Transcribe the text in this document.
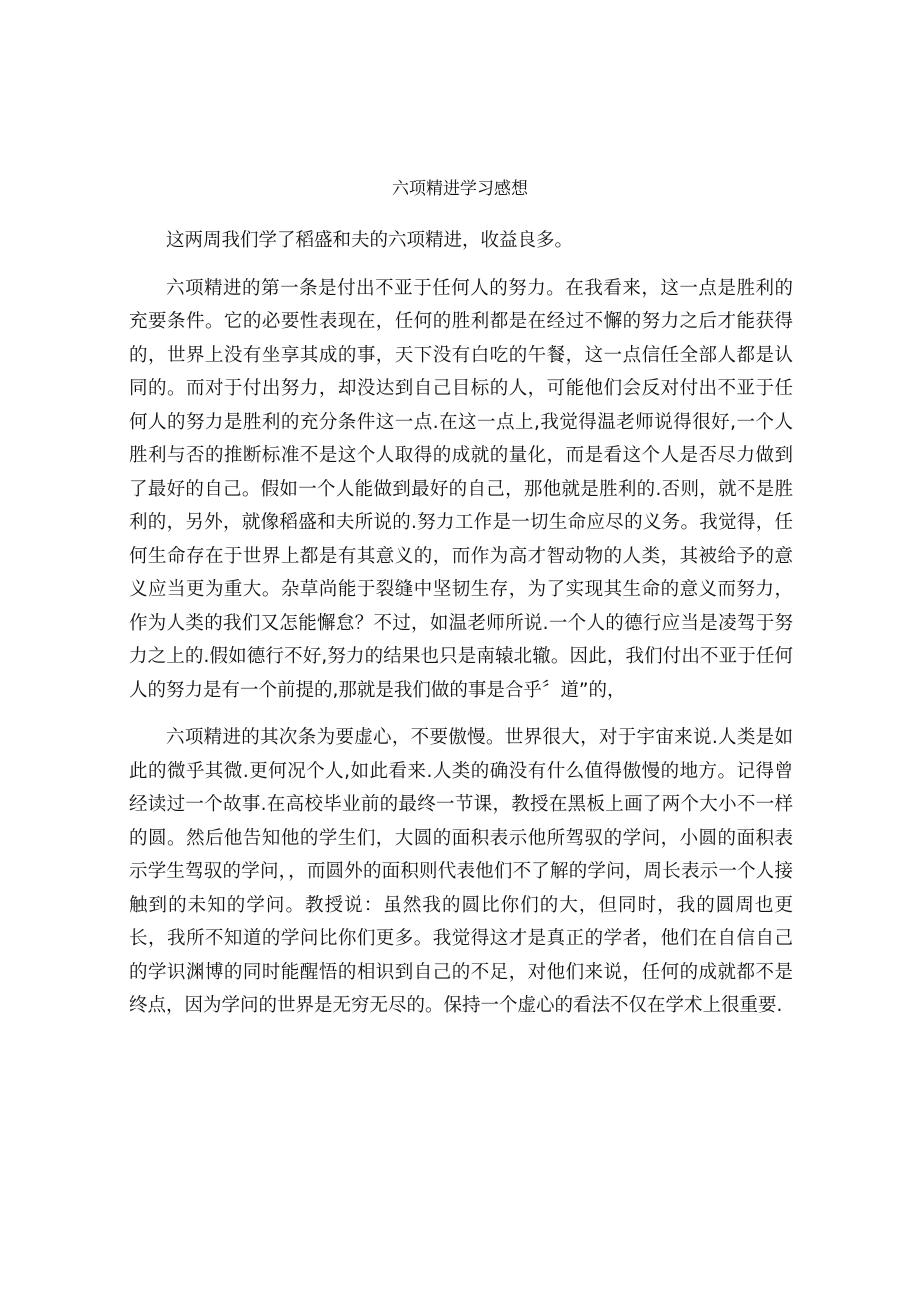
六项精进学习感想

这两周我们学了稻盛和夫的六项精进，收益良多。

六项精进的第一条是付出不亚于任何人的努力。在我看来，这一点是胜利的充要条件。它的必要性表现在，任何的胜利都是在经过不懈的努力之后才能获得的，世界上没有坐享其成的事，天下没有白吃的午餐，这一点信任全部人都是认同的。而对于付出努力，却没达到自己目标的人，可能他们会反对付出不亚于任何人的努力是胜利的充分条件这一点.在这一点上,我觉得温老师说得很好,一个人胜利与否的推断标准不是这个人取得的成就的量化，而是看这个人是否尽力做到了最好的自己。假如一个人能做到最好的自己，那他就是胜利的.否则，就不是胜利的，另外，就像稻盛和夫所说的.努力工作是一切生命应尽的义务。我觉得，任何生命存在于世界上都是有其意义的，而作为高才智动物的人类，其被给予的意义应当更为重大。杂草尚能于裂缝中坚韧生存，为了实现其生命的意义而努力，作为人类的我们又怎能懈怠？不过，如温老师所说.一个人的德行应当是凌驾于努力之上的.假如德行不好,努力的结果也只是南辕北辙。因此，我们付出不亚于任何人的努力是有一个前提的,那就是我们做的事是合乎〞道”的，

六项精进的其次条为要虚心，不要傲慢。世界很大，对于宇宙来说.人类是如此的微乎其微.更何况个人,如此看来.人类的确没有什么值得傲慢的地方。记得曾经读过一个故事.在高校毕业前的最终一节课，教授在黑板上画了两个大小不一样的圆。然后他告知他的学生们，大圆的面积表示他所驾驭的学问，小圆的面积表示学生驾驭的学问，，而圆外的面积则代表他们不了解的学问，周长表示一个人接触到的未知的学问。教授说：虽然我的圆比你们的大，但同时，我的圆周也更长，我所不知道的学问比你们更多。我觉得这才是真正的学者，他们在自信自己的学识渊博的同时能醒悟的相识到自己的不足，对他们来说，任何的成就都不是终点，因为学问的世界是无穷无尽的。保持一个虚心的看法不仅在学术上很重要.
